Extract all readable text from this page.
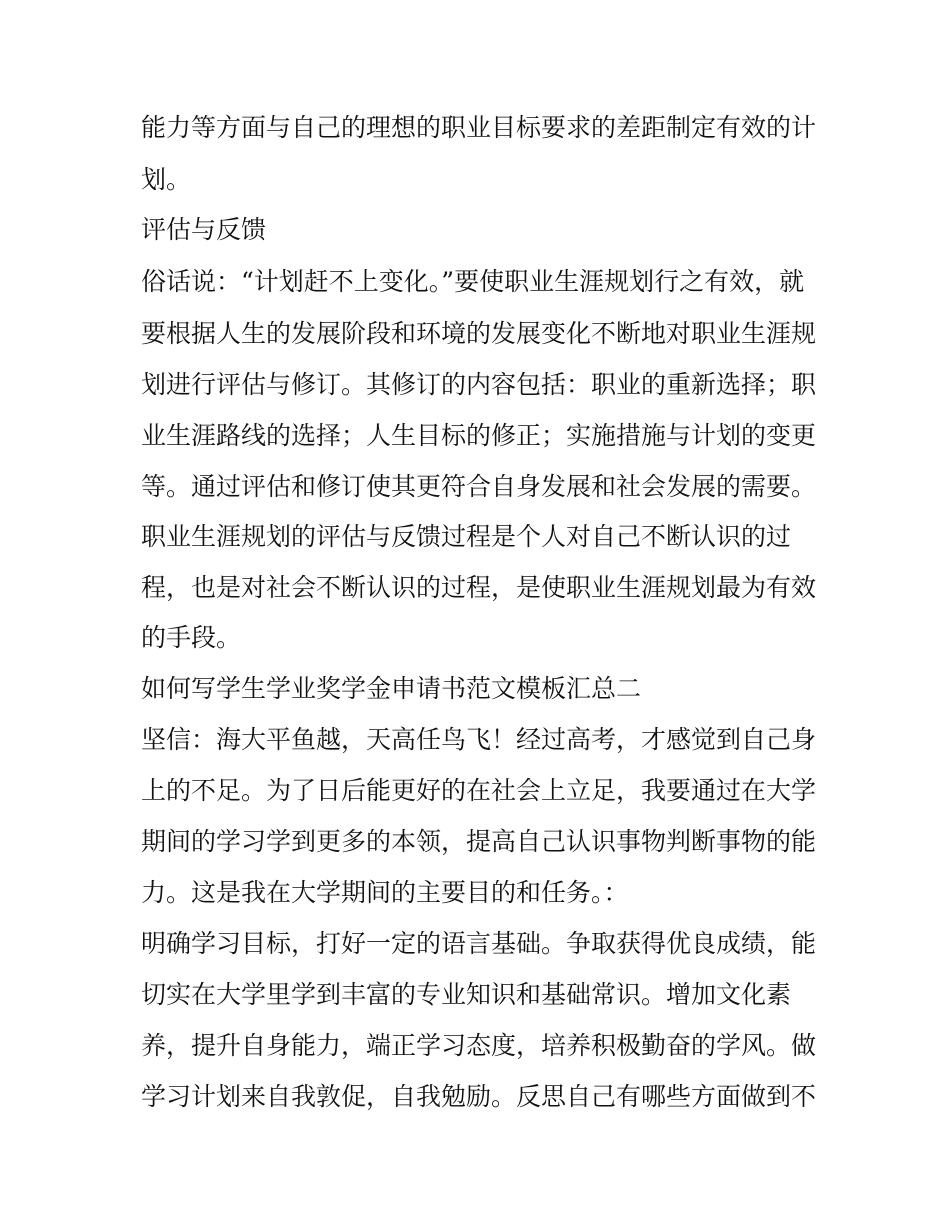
能力等方面与自己的理想的职业目标要求的差距制定有效的计
划。
评估与反馈
俗话说：“计划赶不上变化。”要使职业生涯规划行之有效，就
要根据人生的发展阶段和环境的发展变化不断地对职业生涯规
划进行评估与修订。其修订的内容包括：职业的重新选择；职
业生涯路线的选择；人生目标的修正；实施措施与计划的变更
等。通过评估和修订使其更符合自身发展和社会发展的需要。
职业生涯规划的评估与反馈过程是个人对自己不断认识的过
程，也是对社会不断认识的过程，是使职业生涯规划最为有效
的手段。
如何写学生学业奖学金申请书范文模板汇总二
坚信：海大平鱼越，天高任鸟飞！经过高考，才感觉到自己身
上的不足。为了日后能更好的在社会上立足，我要通过在大学
期间的学习学到更多的本领，提高自己认识事物判断事物的能
力。这是我在大学期间的主要目的和任务。：
明确学习目标，打好一定的语言基础。争取获得优良成绩，能
切实在大学里学到丰富的专业知识和基础常识。增加文化素
养，提升自身能力，端正学习态度，培养积极勤奋的学风。做
学习计划来自我敦促，自我勉励。反思自己有哪些方面做到不
